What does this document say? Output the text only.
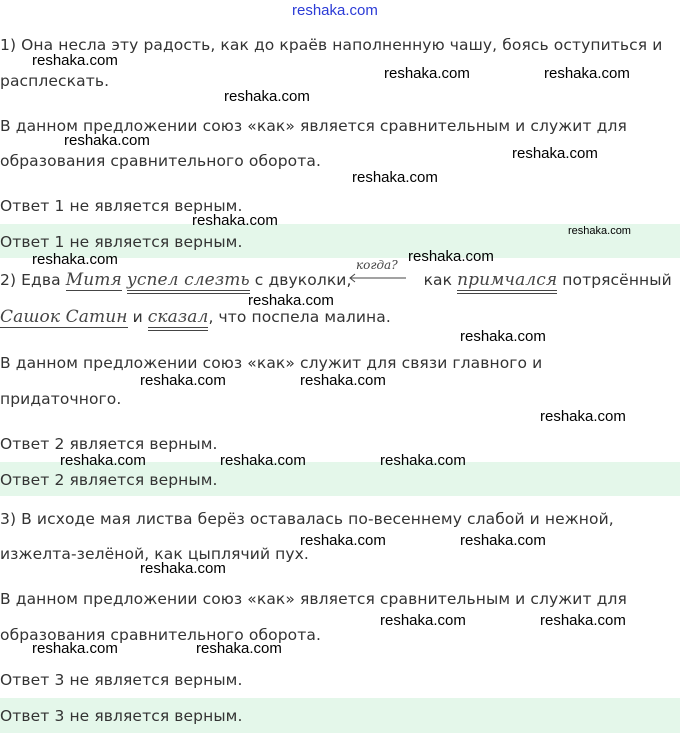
reshaka.com
1) Она несла эту радость, как до краёв наполненную чашу, боясь оступиться и
расплескать.
В данном предложении союз «как» является сравнительным и служит для
образования сравнительного оборота.
Ответ 1 не является верным.
Ответ 1 не является верным.
2) Едва Митя успел слезть с двуколки,	как примчался потрясённый
когда?
Сашок Сатин и сказал, что поспела малина.
В данном предложении союз «как» служит для связи главного и
придаточного.
Ответ 2 является верным.
Ответ 2 является верным.
3) В исходе мая листва берёз оставалась по-весеннему слабой и нежной,
изжелта-зелёной, как цыплячий пух.
В данном предложении союз «как» является сравнительным и служит для
образования сравнительного оборота.
Ответ 3 не является верным.
Ответ 3 не является верным.
reshaka.com
reshaka.com	reshaka.com
reshaka.com
reshaka.com
reshaka.com
reshaka.com
reshaka.com
reshaka.com
reshaka.com	reshaka.com
reshaka.com
reshaka.com
reshaka.com	reshaka.com
reshaka.com
reshaka.com	reshaka.com	reshaka.com
reshaka.com	reshaka.com
reshaka.com
reshaka.com	reshaka.com
reshaka.com	reshaka.com
